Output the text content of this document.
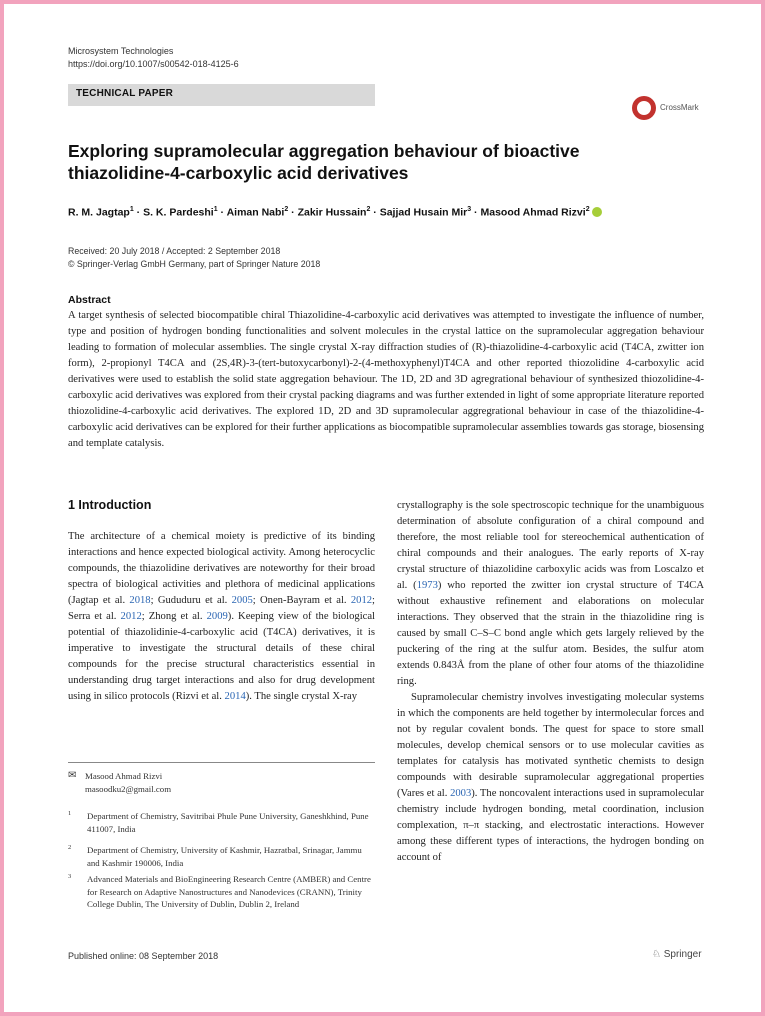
Microsystem Technologies
https://doi.org/10.1007/s00542-018-4125-6
TECHNICAL PAPER
CrossMark
Exploring supramolecular aggregation behaviour of bioactive
thiazolidine-4-carboxylic acid derivatives
R. M. Jagtap$^1$ · S. K. Pardeshi$^1$ · Aiman Nabi$^2$ · Zakir Hussain$^2$ · Sajjad Husain Mir$^3$ · Masood Ahmad Rizvi$^2$
Received: 20 July 2018 / Accepted: 2 September 2018
© Springer-Verlag GmbH Germany, part of Springer Nature 2018
Abstract
A target synthesis of selected biocompatible chiral Thiazolidine-4-carboxylic acid derivatives was attempted to investigate the influence of number, type and position of hydrogen bonding functionalities and solvent molecules in the crystal lattice on the supramolecular aggregation behaviour leading to formation of molecular assemblies. The single crystal X-ray diffraction studies of (R)-thiazolidine-4-carboxylic acid (T4CA, zwitter ion form), 2-propionyl T4CA and (2S,4R)-3-(tert-butoxycarbonyl)-2-(4-methoxyphenyl)T4CA and other reported thiozolidine 4-carboxylic acid derivatives were used to establish the solid state aggregation behaviour. The 1D, 2D and 3D agregrational behaviour of synthesized thiozolidine-4-carboxylic acid derivatives was explored from their crystal packing diagrams and was further extended in light of some appropriate literature reported thiozolidine-4-carboxylic acid derivatives. The explored 1D, 2D and 3D supramolecular aggregrational behaviour in case of the thiazolidine-4-carboxylic acid derivatives can be explored for their further applications as biocompatible supramolecular assemblies towards gas storage, biosensing and template catalysis.
1 Introduction
The architecture of a chemical moiety is predictive of its binding interactions and hence expected biological activity. Among heterocyclic compounds, the thiazolidine derivatives are noteworthy for their broad spectra of biological activities and plethora of medicinal applications (Jagtap et al. 2018; Gududuru et al. 2005; Onen-Bayram et al. 2012; Serra et al. 2012; Zhong et al. 2009). Keeping view of the biological potential of thiazolidinie-4-carboxylic acid (T4CA) derivatives, it is imperative to investigate the structural details of these chiral compounds for the precise structural characteristics essential in understanding drug target interactions and also for drug development using in silico protocols (Rizvi et al. 2014). The single crystal X-ray
crystallography is the sole spectroscopic technique for the unambiguous determination of absolute configuration of a chiral compound and therefore, the most reliable tool for stereochemical authentication of chiral compounds and their analogues. The early reports of X-ray crystal structure of thiazolidine carboxylic acids was from Loscalzo et al. (1973) who reported the zwitter ion crystal structure of T4CA without exhaustive refinement and elaborations on molecular interactions. They observed that the strain in the thiazolidine ring is caused by small C–S–C bond angle which gets largely relieved by the puckering of the ring at the sulfur atom. Besides, the sulfur atom extends 0.843Å from the plane of other four atoms of the thiazolidine ring.
Supramolecular chemistry involves investigating molecular systems in which the components are held together by intermolecular forces and not by regular covalent bonds. The quest for space to store small molecules, develop chemical sensors or to use molecular cavities as templates for catalysis has motivated synthetic chemists to design compounds with desirable supramolecular aggregational properties (Vares et al. 2003). The noncovalent interactions used in supramolecular chemistry include hydrogen bonding, metal coordination, inclusion complexation, π–π stacking, and electrostatic interactions. However among these different types of interactions, the hydrogen bonding on account of
✉ Masood Ahmad Rizvi
masoodku2@gmail.com
1 Department of Chemistry, Savitribai Phule Pune University, Ganeshkhind, Pune 411007, India
2 Department of Chemistry, University of Kashmir, Hazratbal, Srinagar, Jammu and Kashmir 190006, India
3 Advanced Materials and BioEngineering Research Centre (AMBER) and Centre for Research on Adaptive Nanostructures and Nanodevices (CRANN), Trinity College Dublin, The University of Dublin, Dublin 2, Ireland
Published online: 08 September 2018	♘ Springer
